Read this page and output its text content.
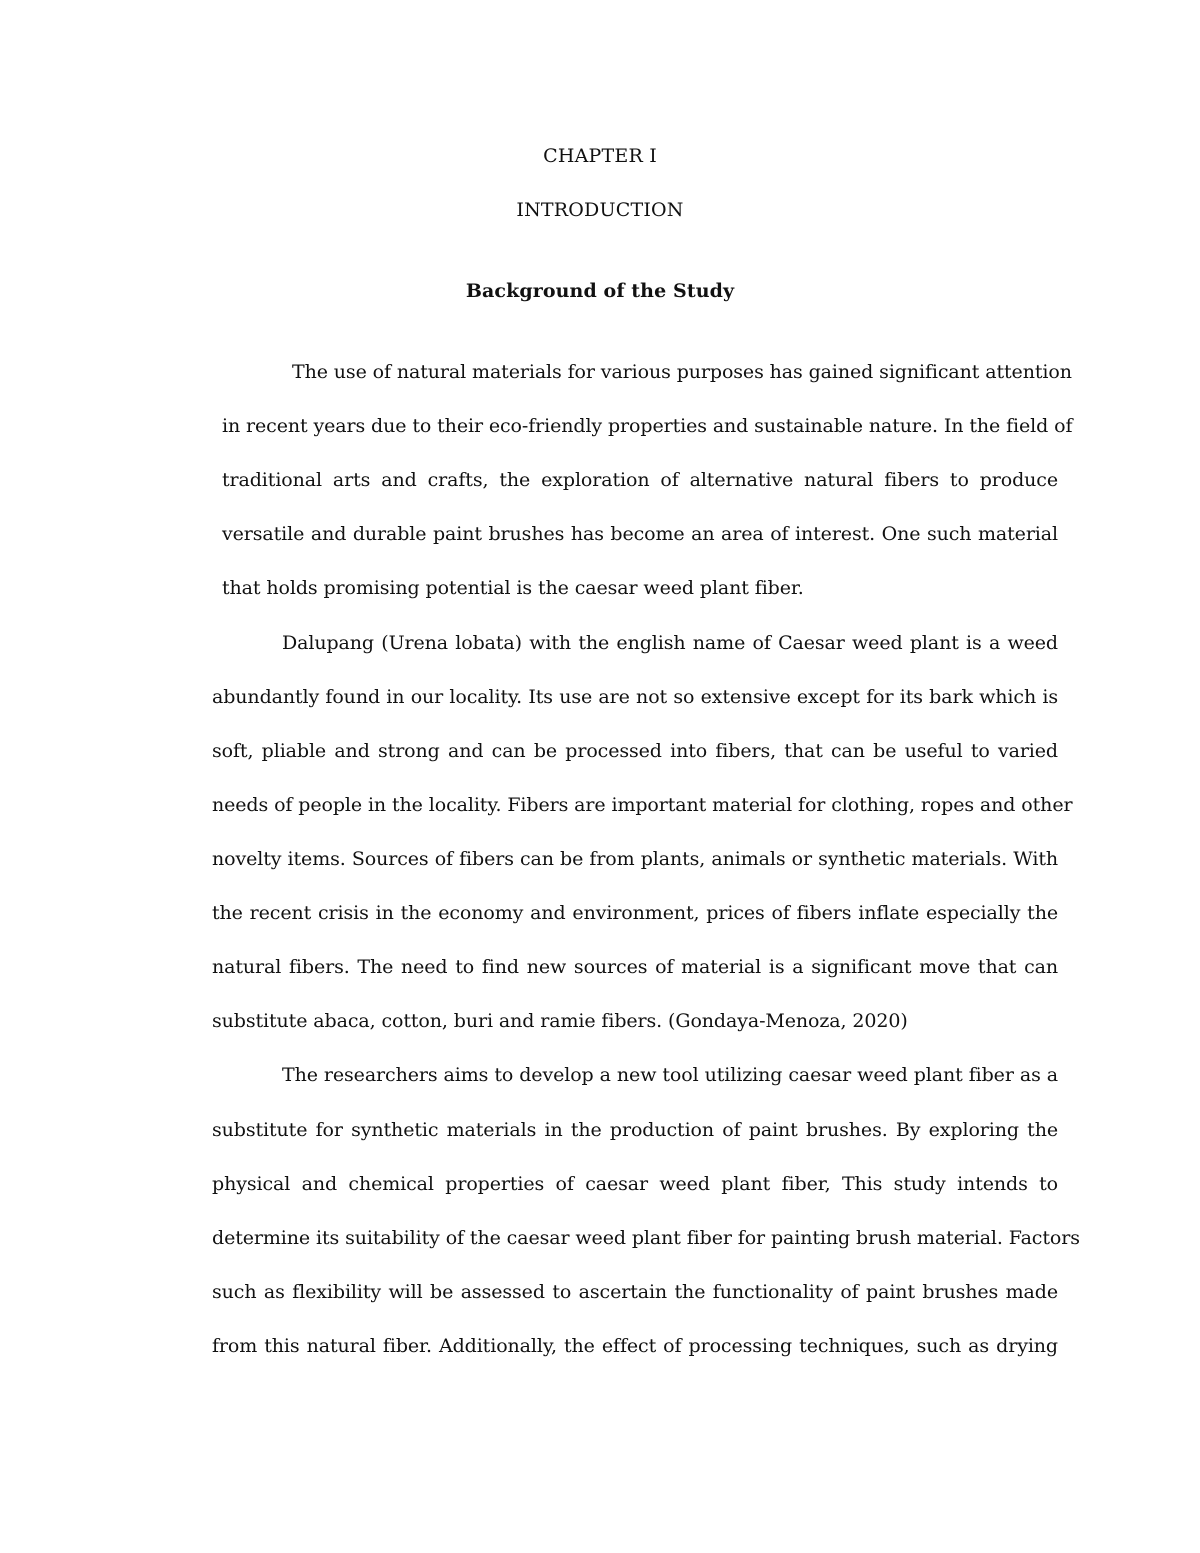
CHAPTER I
INTRODUCTION
Background of the Study
The use of natural materials for various purposes has gained significant attention
in recent years due to their eco-friendly properties and sustainable nature. In the field of
traditional arts and crafts, the exploration of alternative natural fibers to produce
versatile and durable paint brushes has become an area of interest. One such material
that holds promising potential is the caesar weed plant fiber.
Dalupang (Urena lobata) with the english name of Caesar weed plant is a weed
abundantly found in our locality. Its use are not so extensive except for its bark which is
soft, pliable and strong and can be processed into fibers, that can be useful to varied
needs of people in the locality. Fibers are important material for clothing, ropes and other
novelty items. Sources of fibers can be from plants, animals or synthetic materials. With
the recent crisis in the economy and environment, prices of fibers inflate especially the
natural fibers. The need to find new sources of material is a significant move that can
substitute abaca, cotton, buri and ramie fibers. (Gondaya-Menoza, 2020)
The researchers aims to develop a new tool utilizing caesar weed plant fiber as a
substitute for synthetic materials in the production of paint brushes. By exploring the
physical and chemical properties of caesar weed plant fiber, This study intends to
determine its suitability of the caesar weed plant fiber for painting brush material. Factors
such as flexibility will be assessed to ascertain the functionality of paint brushes made
from this natural fiber. Additionally, the effect of processing techniques, such as drying
